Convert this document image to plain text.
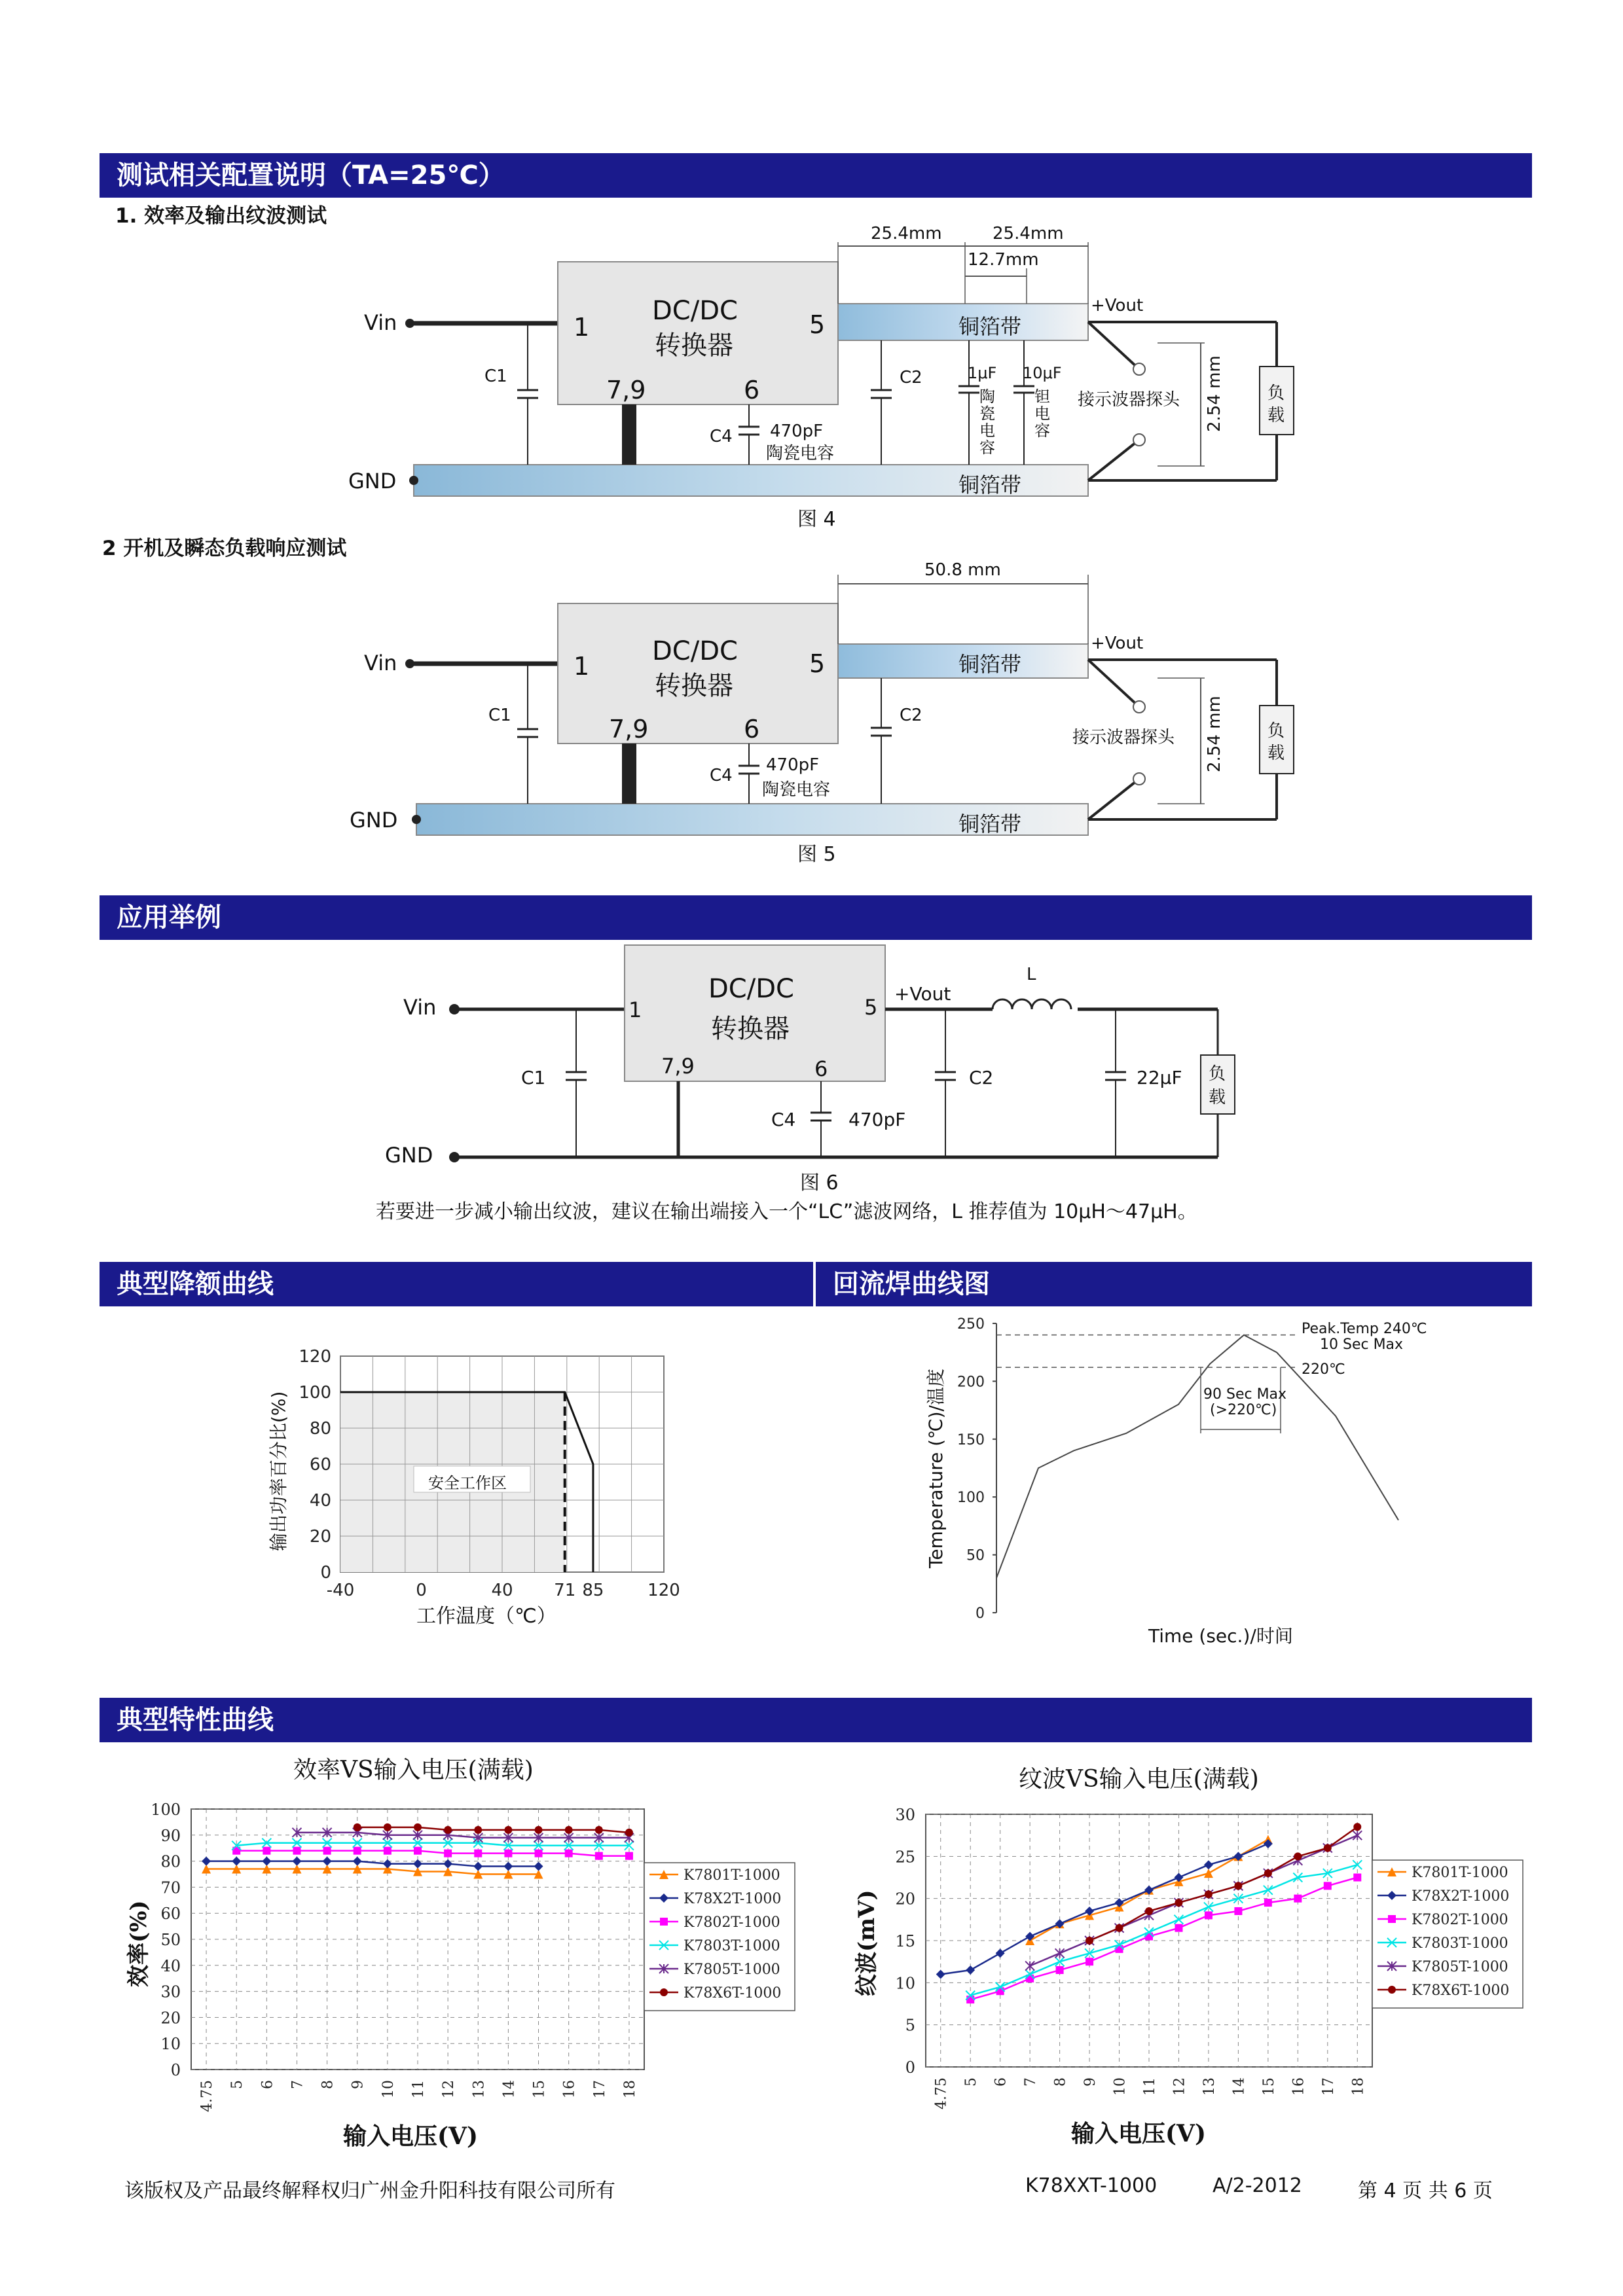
测试相关配置说明（TA=25℃）
应用举例
典型降额曲线	回流焊曲线图
典型特性曲线
1. 效率及输出纹波测试
2 开机及瞬态负载响应测试
图 4
图 5
图 6
若要进一步减小输出纹波，建议在输出端接入一个“LC”滤波网络，L 推荐值为 10μH～47μH。
Vin
GND
DC/DC
转换器
1	5
7,9	6
C1	C2
C4 470pF
陶瓷电容
25.4mm	25.4mm
12.7mm
铜箔带
铜箔带
+Vout
1μF 10μF
陶
瓷
电
容
钽
电
容
接示波器探头 2.54 mm	负
载
Vin
GND
DC/DC
转换器
1	5
7,9	6
C1	C2
C4
470pF
陶瓷电容
50.8 mm
铜箔带
铜箔带
+Vout
接示波器探头 2.54 mm	负
载
Vin
GND
DC/DC
转换器
1	5
7,9	6
C1	C2
C4	470pF
+Vout
L
22μF 负
载
0
20
40
60
80
100
120
-40	0	40 71 85	120
输出功率百分比(%)
工作温度（℃）
安全工作区
0
50
100
150
200
250
Temperature (℃)/温度
Time (sec.)/时间
Peak.Temp 240℃
10 Sec Max
220℃
90 Sec Max
(>220℃)
效率VS输入电压(满载)
0
10
20
30
40
50
60
70
80
90
100
4.75 5 6 7 8 9 10 11 12 13 14 15 16 17 18
K7801T-1000
K78X2T-1000
K7802T-1000
K7803T-1000
K7805T-1000
K78X6T-1000
效率(%)
输入电压(V)
纹波VS输入电压(满载)
0
5
10
15
20
25
30
4.75 5 6 7 8 9 10 11 12 13 14 15 16 17 18
K7801T-1000
K78X2T-1000
K7802T-1000
K7803T-1000
K7805T-1000
K78X6T-1000
纹波(mV)
输入电压(V)
该版权及产品最终解释权归广州金升阳科技有限公司所有	K78XXT-1000	A/2-2012	第 4 页 共 6 页
